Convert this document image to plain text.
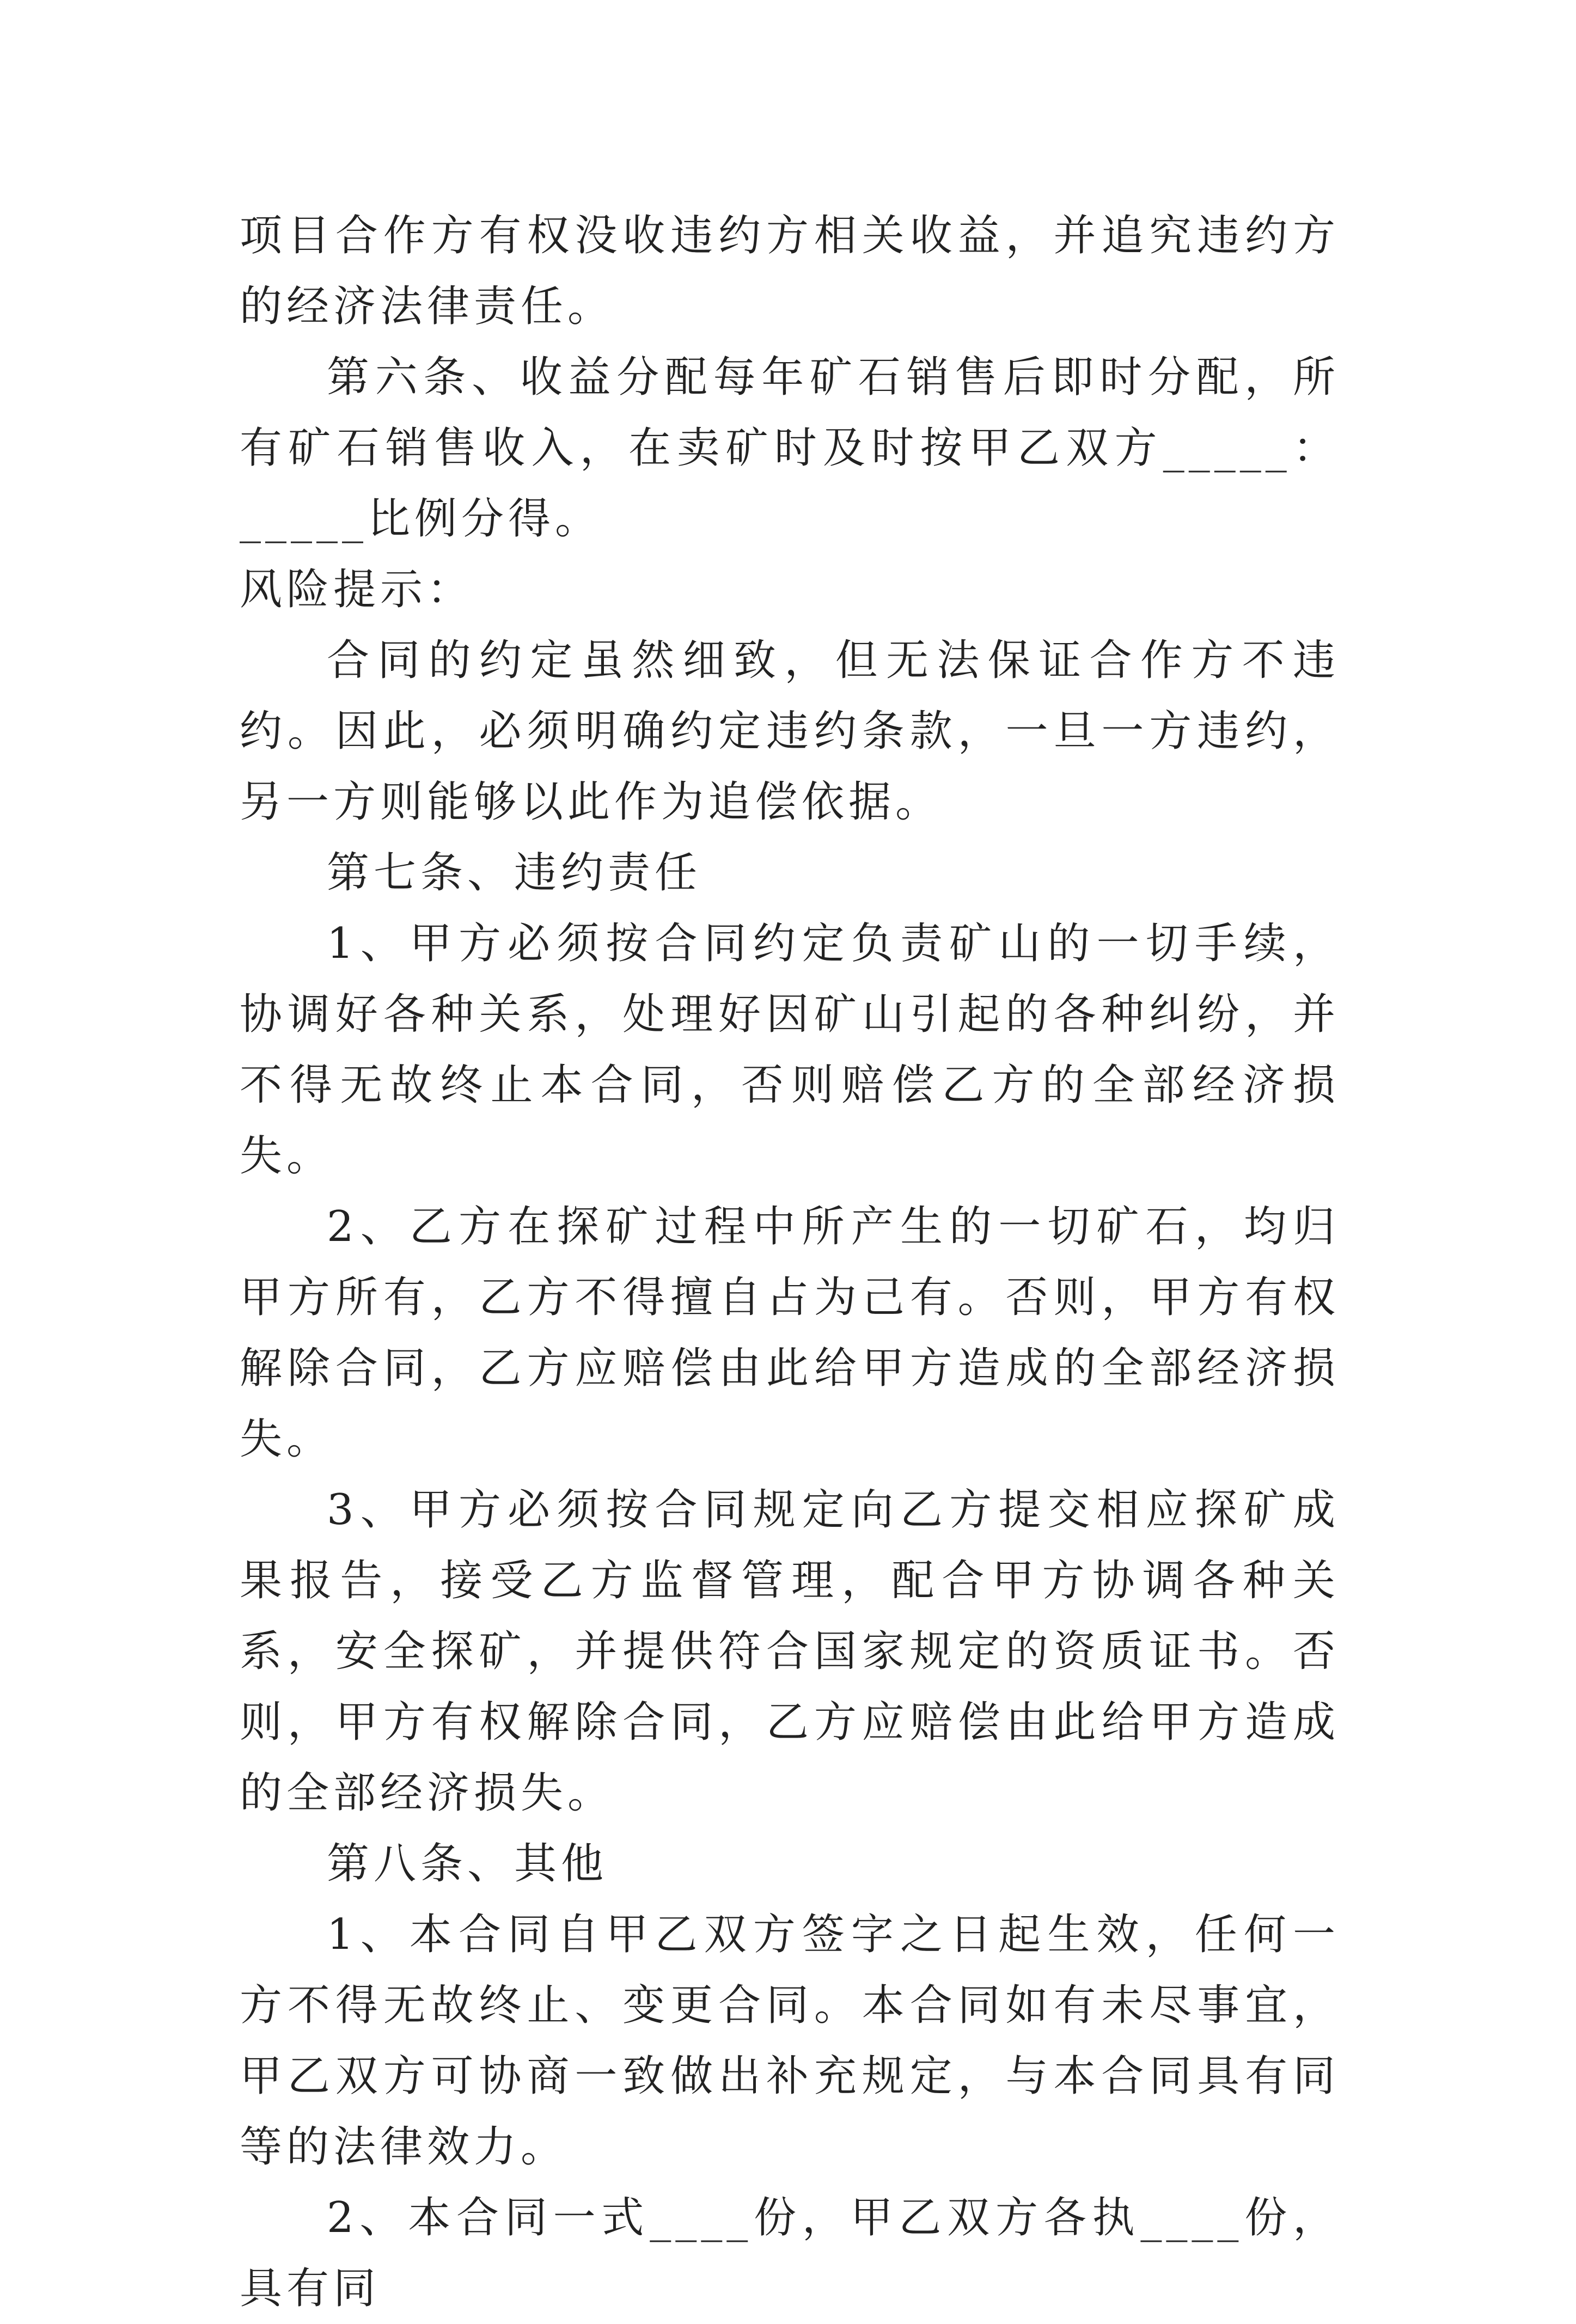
项目合作方有权没收违约方相关收益，并追究违约方的经济法律责任。

第六条、收益分配每年矿石销售后即时分配，所有矿石销售收入，在卖矿时及时按甲乙双方_____：_____比例分得。

风险提示：

合同的约定虽然细致，但无法保证合作方不违约。因此，必须明确约定违约条款，一旦一方违约，另一方则能够以此作为追偿依据。

第七条、违约责任

1、甲方必须按合同约定负责矿山的一切手续，协调好各种关系，处理好因矿山引起的各种纠纷，并不得无故终止本合同，否则赔偿乙方的全部经济损失。

2、乙方在探矿过程中所产生的一切矿石，均归甲方所有，乙方不得擅自占为己有。否则，甲方有权解除合同，乙方应赔偿由此给甲方造成的全部经济损失。

3、甲方必须按合同规定向乙方提交相应探矿成果报告，接受乙方监督管理，配合甲方协调各种关系，安全探矿，并提供符合国家规定的资质证书。否则，甲方有权解除合同，乙方应赔偿由此给甲方造成的全部经济损失。

第八条、其他

1、本合同自甲乙双方签字之日起生效，任何一方不得无故终止、变更合同。本合同如有未尽事宜，甲乙双方可协商一致做出补充规定，与本合同具有同等的法律效力。

2、本合同一式____份，甲乙双方各执____份，具有同
